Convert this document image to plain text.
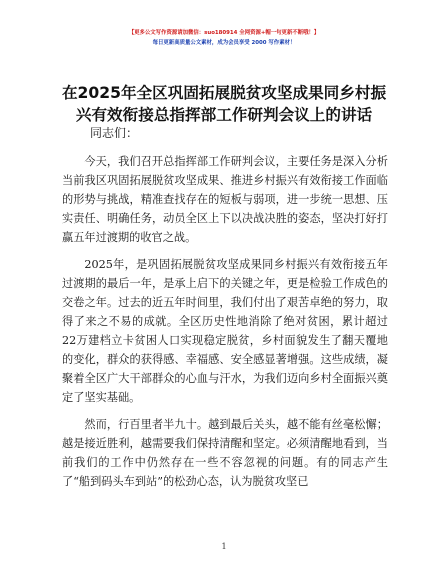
【更多公文写作资源请加微信：suo180914 全网资源+帽一句更新不断哦！】
每日更新高质量公文素材，成为会员享受 2000 写作素材！
在2025年全区巩固拓展脱贫攻坚成果同乡村振兴有效衔接总指挥部工作研判会议上的讲话
同志们：

今天，我们召开总指挥部工作研判会议，主要任务是深入分析当前我区巩固拓展脱贫攻坚成果、推进乡村振兴有效衔接工作面临的形势与挑战，精准查找存在的短板与弱项，进一步统一思想、压实责任、明确任务，动员全区上下以决战决胜的姿态，坚决打好打赢五年过渡期的收官之战。

2025年，是巩固拓展脱贫攻坚成果同乡村振兴有效衔接五年过渡期的最后一年，是承上启下的关键之年，更是检验工作成色的交卷之年。过去的近五年时间里，我们付出了艰苦卓绝的努力，取得了来之不易的成就。全区历史性地消除了绝对贫困，累计超过22万建档立卡贫困人口实现稳定脱贫，乡村面貌发生了翻天覆地的变化，群众的获得感、幸福感、安全感显著增强。这些成绩，凝聚着全区广大干部群众的心血与汗水，为我们迈向乡村全面振兴奠定了坚实基础。

然而，行百里者半九十。越到最后关头，越不能有丝毫松懈；越是接近胜利，越需要我们保持清醒和坚定。必须清醒地看到，当前我们的工作中仍然存在一些不容忽视的问题。有的同志产生了“船到码头车到站”的松劲心态，认为脱贫攻坚已

1
